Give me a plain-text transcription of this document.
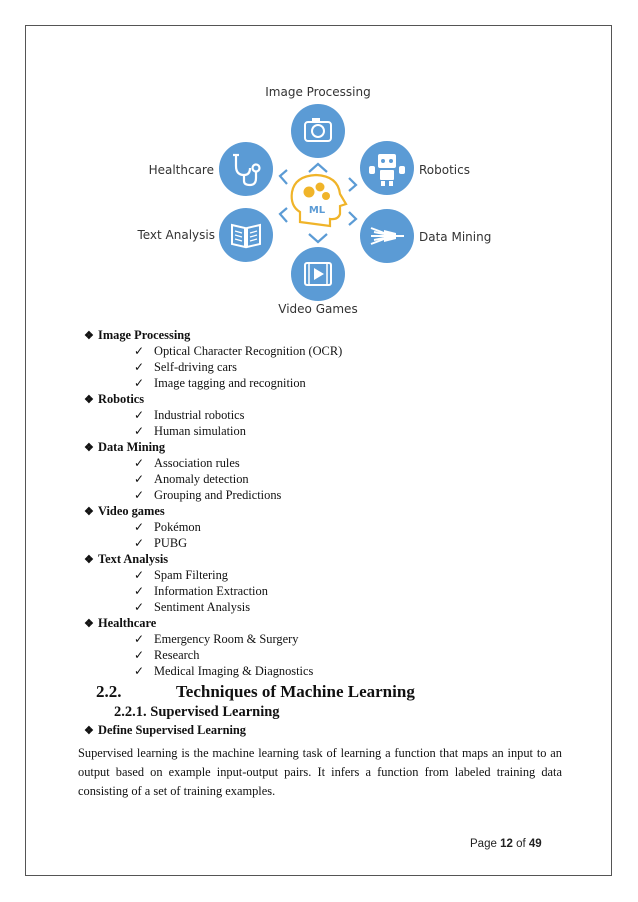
Image Processing
Robotics
Data Mining
Video Games
Text Analysis
Healthcare
ML
❖ Image Processing
✓ Optical Character Recognition (OCR)
✓ Self-driving cars
✓ Image tagging and recognition
❖ Robotics
✓ Industrial robotics
✓ Human simulation
❖ Data Mining
✓ Association rules
✓ Anomaly detection
✓ Grouping and Predictions
❖ Video games
✓ Pokémon
✓ PUBG
❖ Text Analysis
✓ Spam Filtering
✓ Information Extraction
✓ Sentiment Analysis
❖ Healthcare
✓ Emergency Room & Surgery
✓ Research
✓ Medical Imaging & Diagnostics
2.2.	Techniques of Machine Learning
2.2.1. Supervised Learning
❖ Define Supervised Learning

Supervised learning is the machine learning task of learning a function that maps an input to an output based on example input-output pairs. It infers a function from labeled training data consisting of a set of training examples.

Page 12 of 49
